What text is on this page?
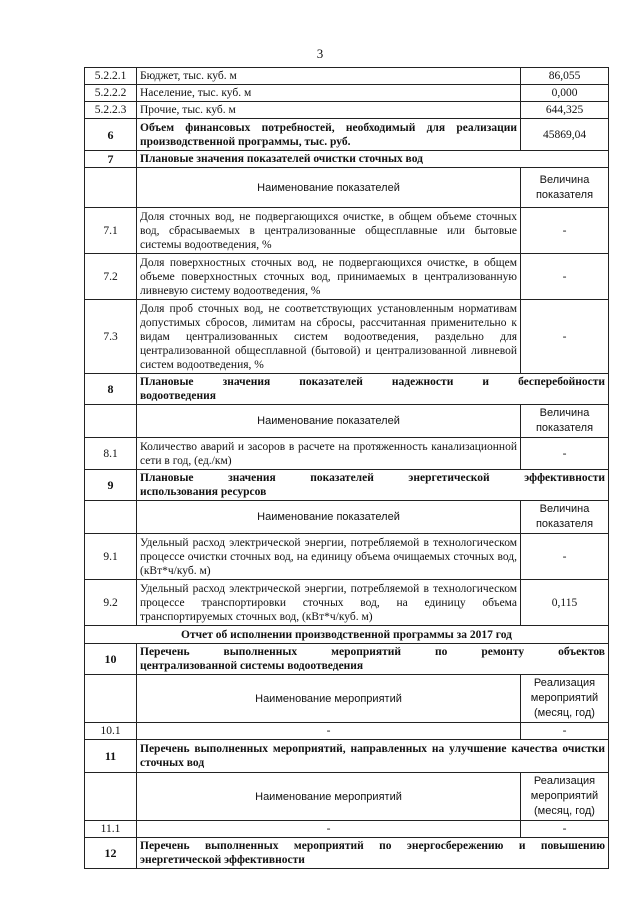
3
5.2.2.1	Бюджет, тыс. куб. м	86,055
5.2.2.2	Население, тыс. куб. м	0,000
5.2.2.3	Прочие, тыс. куб. м	644,325
6	Объем финансовых потребностей, необходимый для реализации производственной программы, тыс. руб.	45869,04
7	Плановые значения показателей очистки сточных вод	
	Наименование показателей	Величина показателя
7.1	Доля сточных вод, не подвергающихся очистке, в общем объеме сточных вод, сбрасываемых в централизованные общесплавные или бытовые системы водоотведения, %	-
7.2	Доля поверхностных сточных вод, не подвергающихся очистке, в общем объеме поверхностных сточных вод, принимаемых в централизованную ливневую систему водоотведения, %	-
7.3	Доля проб сточных вод, не соответствующих установленным нормативам допустимых сбросов, лимитам на сбросы, рассчитанная применительно к видам централизованных систем водоотведения, раздельно для централизованной общесплавной (бытовой) и централизованной ливневой систем водоотведения, %	-
8	Плановые значения показателей надежности и бесперебойности
водоотведения	
	Наименование показателей	Величина показателя
8.1	Количество аварий и засоров в расчете на протяженность канализационной сети в год, (ед./км)	-
9	Плановые значения показателей энергетической эффективности
использования ресурсов	
	Наименование показателей	Величина показателя
9.1	Удельный расход электрической энергии, потребляемой в технологическом процессе очистки сточных вод, на единицу объема очищаемых сточных вод, (кВт*ч/куб. м)	-
9.2	Удельный расход электрической энергии, потребляемой в технологическом процессе транспортировки сточных вод, на единицу объема транспортируемых сточных вод, (кВт*ч/куб. м)	0,115
Отчет об исполнении производственной программы за 2017 год		
10	Перечень выполненных мероприятий по ремонту объектов
централизованной системы водоотведения	
	Наименование мероприятий	Реализация мероприятий (месяц, год)
10.1	-	-
11	Перечень выполненных мероприятий, направленных на улучшение качества очистки сточных вод	
	Наименование мероприятий	Реализация мероприятий (месяц, год)
11.1	-	-
12	Перечень выполненных мероприятий по энергосбережению и повышению энергетической эффективности	
